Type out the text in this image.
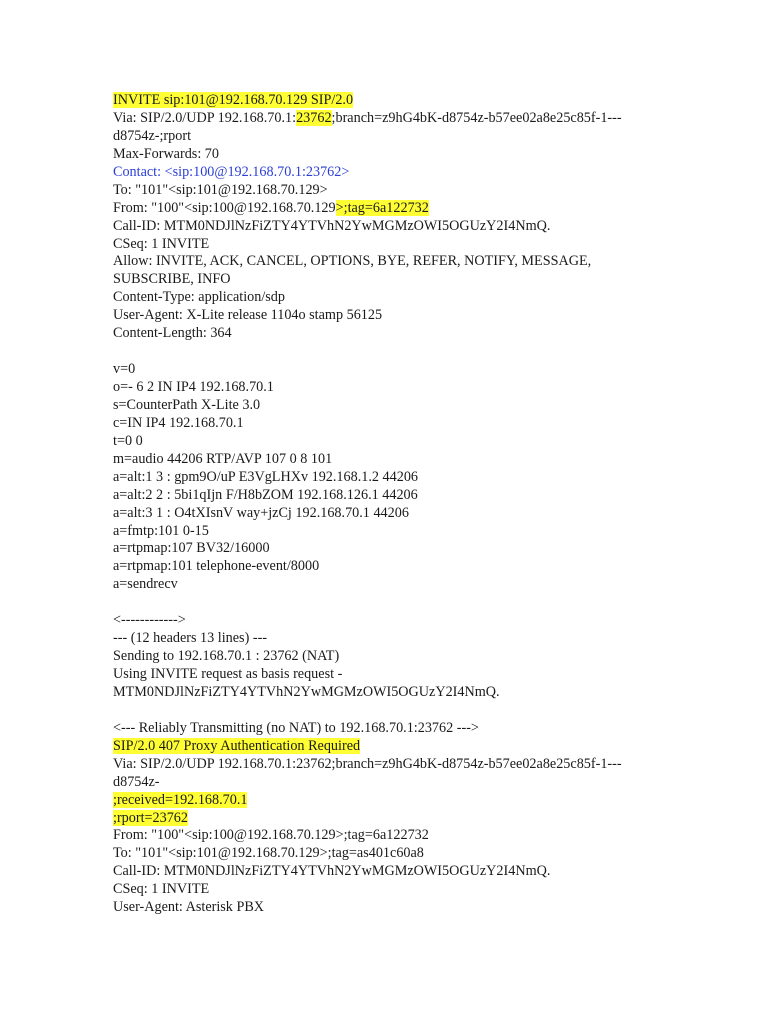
INVITE sip:101@192.168.70.129 SIP/2.0
Via: SIP/2.0/UDP 192.168.70.1:23762;branch=z9hG4bK-d8754z-b57ee02a8e25c85f-1---
d8754z-;rport
Max-Forwards: 70
Contact: <sip:100@192.168.70.1:23762>
To: "101"<sip:101@192.168.70.129>
From: "100"<sip:100@192.168.70.129>;tag=6a122732
Call-ID: MTM0NDJlNzFiZTY4YTVhN2YwMGMzOWI5OGUzY2I4NmQ.
CSeq: 1 INVITE
Allow: INVITE, ACK, CANCEL, OPTIONS, BYE, REFER, NOTIFY, MESSAGE,
SUBSCRIBE, INFO
Content-Type: application/sdp
User-Agent: X-Lite release 1104o stamp 56125
Content-Length: 364
v=0
o=- 6 2 IN IP4 192.168.70.1
s=CounterPath X-Lite 3.0
c=IN IP4 192.168.70.1
t=0 0
m=audio 44206 RTP/AVP 107 0 8 101
a=alt:1 3 : gpm9O/uP E3VgLHXv 192.168.1.2 44206
a=alt:2 2 : 5bi1qIjn F/H8bZOM 192.168.126.1 44206
a=alt:3 1 : O4tXIsnV way+jzCj 192.168.70.1 44206
a=fmtp:101 0-15
a=rtpmap:107 BV32/16000
a=rtpmap:101 telephone-event/8000
a=sendrecv
<------------>
--- (12 headers 13 lines) ---
Sending to 192.168.70.1 : 23762 (NAT)
Using INVITE request as basis request -
MTM0NDJlNzFiZTY4YTVhN2YwMGMzOWI5OGUzY2I4NmQ.
<--- Reliably Transmitting (no NAT) to 192.168.70.1:23762 --->
SIP/2.0 407 Proxy Authentication Required
Via: SIP/2.0/UDP 192.168.70.1:23762;branch=z9hG4bK-d8754z-b57ee02a8e25c85f-1---
d8754z-
;received=192.168.70.1
;rport=23762
From: "100"<sip:100@192.168.70.129>;tag=6a122732
To: "101"<sip:101@192.168.70.129>;tag=as401c60a8
Call-ID: MTM0NDJlNzFiZTY4YTVhN2YwMGMzOWI5OGUzY2I4NmQ.
CSeq: 1 INVITE
User-Agent: Asterisk PBX
